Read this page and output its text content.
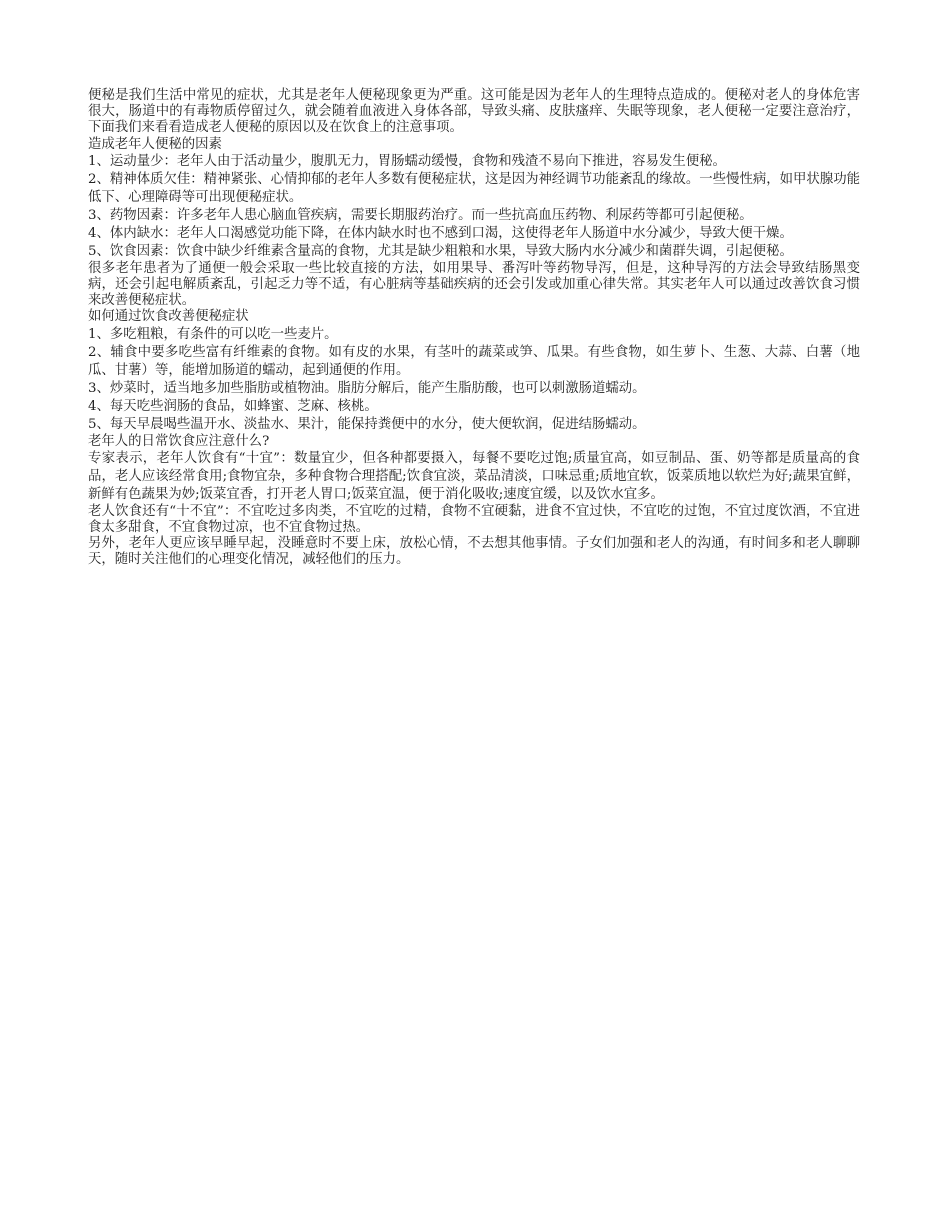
便秘是我们生活中常见的症状，尤其是老年人便秘现象更为严重。这可能是因为老年人的生理特点造成的。便秘对老人的身体危害很大，肠道中的有毒物质停留过久，就会随着血液进入身体各部，导致头痛、皮肤瘙痒、失眠等现象，老人便秘一定要注意治疗，下面我们来看看造成老人便秘的原因以及在饮食上的注意事项。

造成老年人便秘的因素

1、运动量少：老年人由于活动量少，腹肌无力，胃肠蠕动缓慢，食物和残渣不易向下推进，容易发生便秘。

2、精神体质欠佳：精神紧张、心情抑郁的老年人多数有便秘症状，这是因为神经调节功能紊乱的缘故。一些慢性病，如甲状腺功能低下、心理障碍等可出现便秘症状。

3、药物因素：许多老年人患心脑血管疾病，需要长期服药治疗。而一些抗高血压药物、利尿药等都可引起便秘。

4、体内缺水：老年人口渴感觉功能下降，在体内缺水时也不感到口渴，这使得老年人肠道中水分减少，导致大便干燥。

5、饮食因素：饮食中缺少纤维素含量高的食物，尤其是缺少粗粮和水果，导致大肠内水分减少和菌群失调，引起便秘。

很多老年患者为了通便一般会采取一些比较直接的方法，如用果导、番泻叶等药物导泻，但是，这种导泻的方法会导致结肠黑变病，还会引起电解质紊乱，引起乏力等不适，有心脏病等基础疾病的还会引发或加重心律失常。其实老年人可以通过改善饮食习惯来改善便秘症状。

如何通过饮食改善便秘症状

1、多吃粗粮，有条件的可以吃一些麦片。

2、辅食中要多吃些富有纤维素的食物。如有皮的水果，有茎叶的蔬菜或笋、瓜果。有些食物，如生萝卜、生葱、大蒜、白薯（地瓜、甘薯）等，能增加肠道的蠕动，起到通便的作用。

3、炒菜时，适当地多加些脂肪或植物油。脂肪分解后，能产生脂肪酸，也可以刺激肠道蠕动。

4、每天吃些润肠的食品，如蜂蜜、芝麻、核桃。

5、每天早晨喝些温开水、淡盐水、果汁，能保持粪便中的水分，使大便软润，促进结肠蠕动。

老年人的日常饮食应注意什么?

专家表示，老年人饮食有“十宜”：数量宜少，但各种都要摄入，每餐不要吃过饱;质量宜高，如豆制品、蛋、奶等都是质量高的食品，老人应该经常食用;食物宜杂，多种食物合理搭配;饮食宜淡，菜品清淡，口味忌重;质地宜软，饭菜质地以软烂为好;蔬果宜鲜，新鲜有色蔬果为妙;饭菜宜香，打开老人胃口;饭菜宜温，便于消化吸收;速度宜缓，以及饮水宜多。

老人饮食还有“十不宜”：不宜吃过多肉类，不宜吃的过精，食物不宜硬黏，进食不宜过快，不宜吃的过饱，不宜过度饮酒，不宜进食太多甜食，不宜食物过凉，也不宜食物过热。

另外，老年人更应该早睡早起，没睡意时不要上床，放松心情，不去想其他事情。子女们加强和老人的沟通，有时间多和老人聊聊天，随时关注他们的心理变化情况，减轻他们的压力。
